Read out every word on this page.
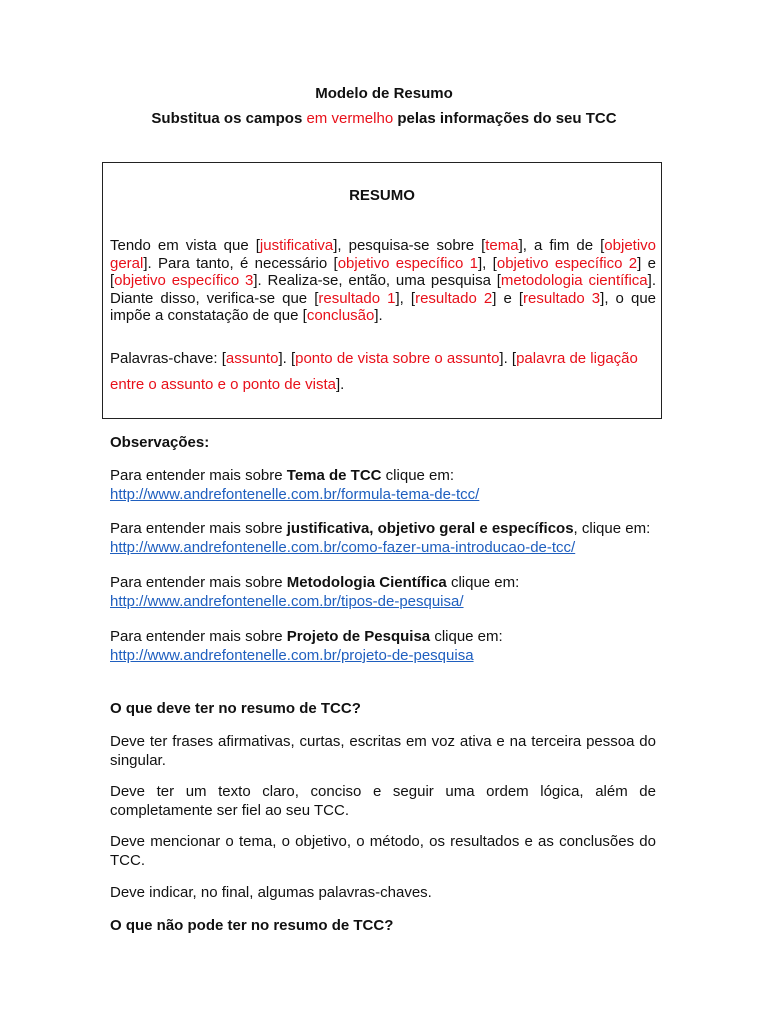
Modelo de Resumo
Substitua os campos em vermelho pelas informações do seu TCC
RESUMO
Tendo em vista que [justificativa], pesquisa-se sobre [tema], a fim de [objetivo geral]. Para tanto, é necessário [objetivo específico 1], [objetivo específico 2] e [objetivo específico 3]. Realiza-se, então, uma pesquisa [metodologia científica]. Diante disso, verifica-se que [resultado 1], [resultado 2] e [resultado 3], o que impõe a constatação de que [conclusão].
Palavras-chave: [assunto]. [ponto de vista sobre o assunto]. [palavra de ligação entre o assunto e o ponto de vista].
Observações:
Para entender mais sobre Tema de TCC clique em:
http://www.andrefontenelle.com.br/formula-tema-de-tcc/
Para entender mais sobre justificativa, objetivo geral e específicos, clique em: http://www.andrefontenelle.com.br/como-fazer-uma-introducao-de-tcc/
Para entender mais sobre Metodologia Científica clique em:
http://www.andrefontenelle.com.br/tipos-de-pesquisa/
Para entender mais sobre Projeto de Pesquisa clique em:
http://www.andrefontenelle.com.br/projeto-de-pesquisa
O que deve ter no resumo de TCC?
Deve ter frases afirmativas, curtas, escritas em voz ativa e na terceira pessoa do singular.
Deve ter um texto claro, conciso e seguir uma ordem lógica, além de completamente ser fiel ao seu TCC.
Deve mencionar o tema, o objetivo, o método, os resultados e as conclusões do TCC.
Deve indicar, no final, algumas palavras-chaves.
O que não pode ter no resumo de TCC?
